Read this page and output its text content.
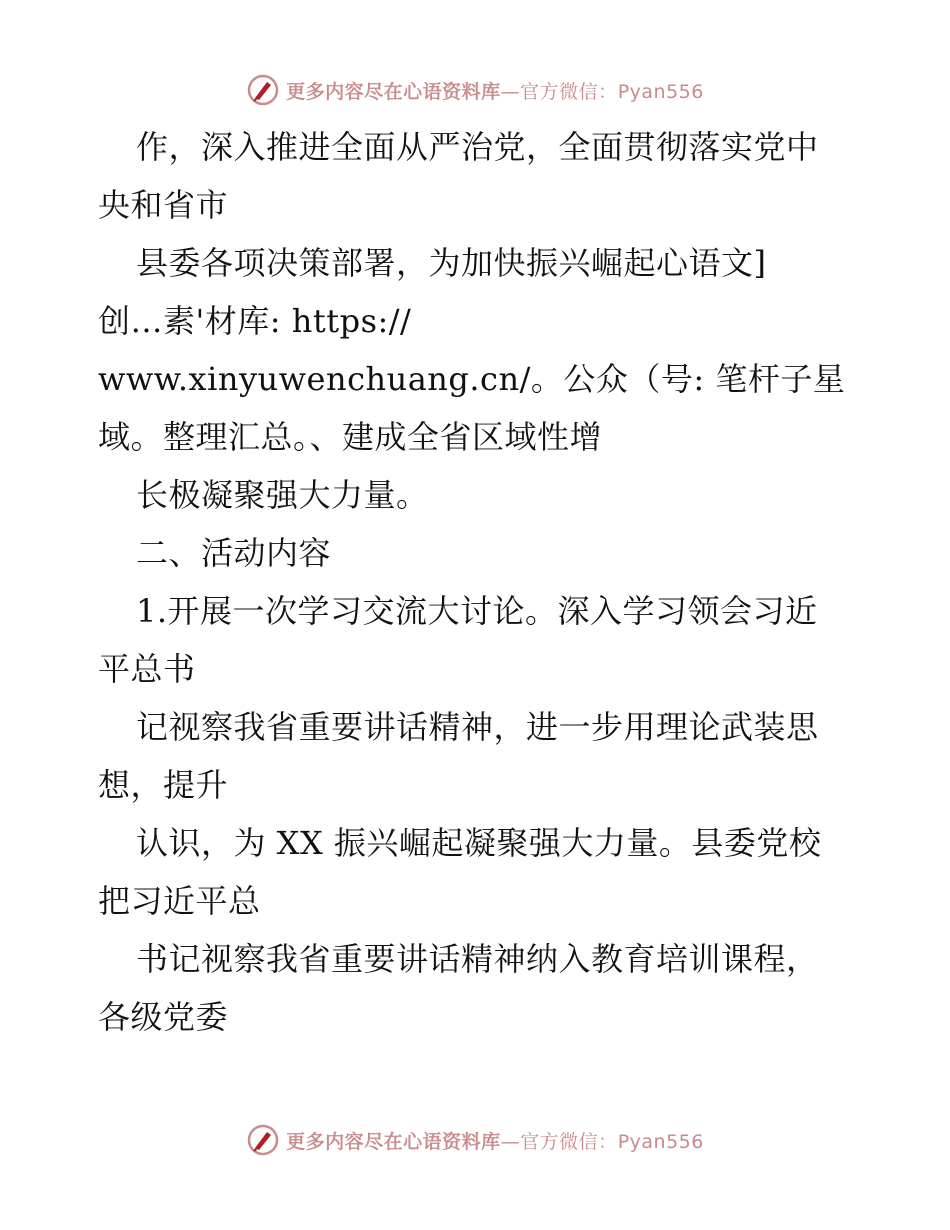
更多内容尽在心语资料库—官方微信：Pyan556
作，深入推进全面从严治党，全面贯彻落实党中
央和省市
县委各项决策部署，为加快振兴崛起心语文]
创…素'材库: https://
www.xinyuwenchuang.cn/。公众（号: 笔杆子星
域。整理汇总。、建成全省区域性增
长极凝聚强大力量。
二、活动内容
1.开展一次学习交流大讨论。深入学习领会习近
平总书
记视察我省重要讲话精神，进一步用理论武装思
想，提升
认识，为 XX 振兴崛起凝聚强大力量。县委党校
把习近平总
书记视察我省重要讲话精神纳入教育培训课程，
各级党委
更多内容尽在心语资料库—官方微信：Pyan556
